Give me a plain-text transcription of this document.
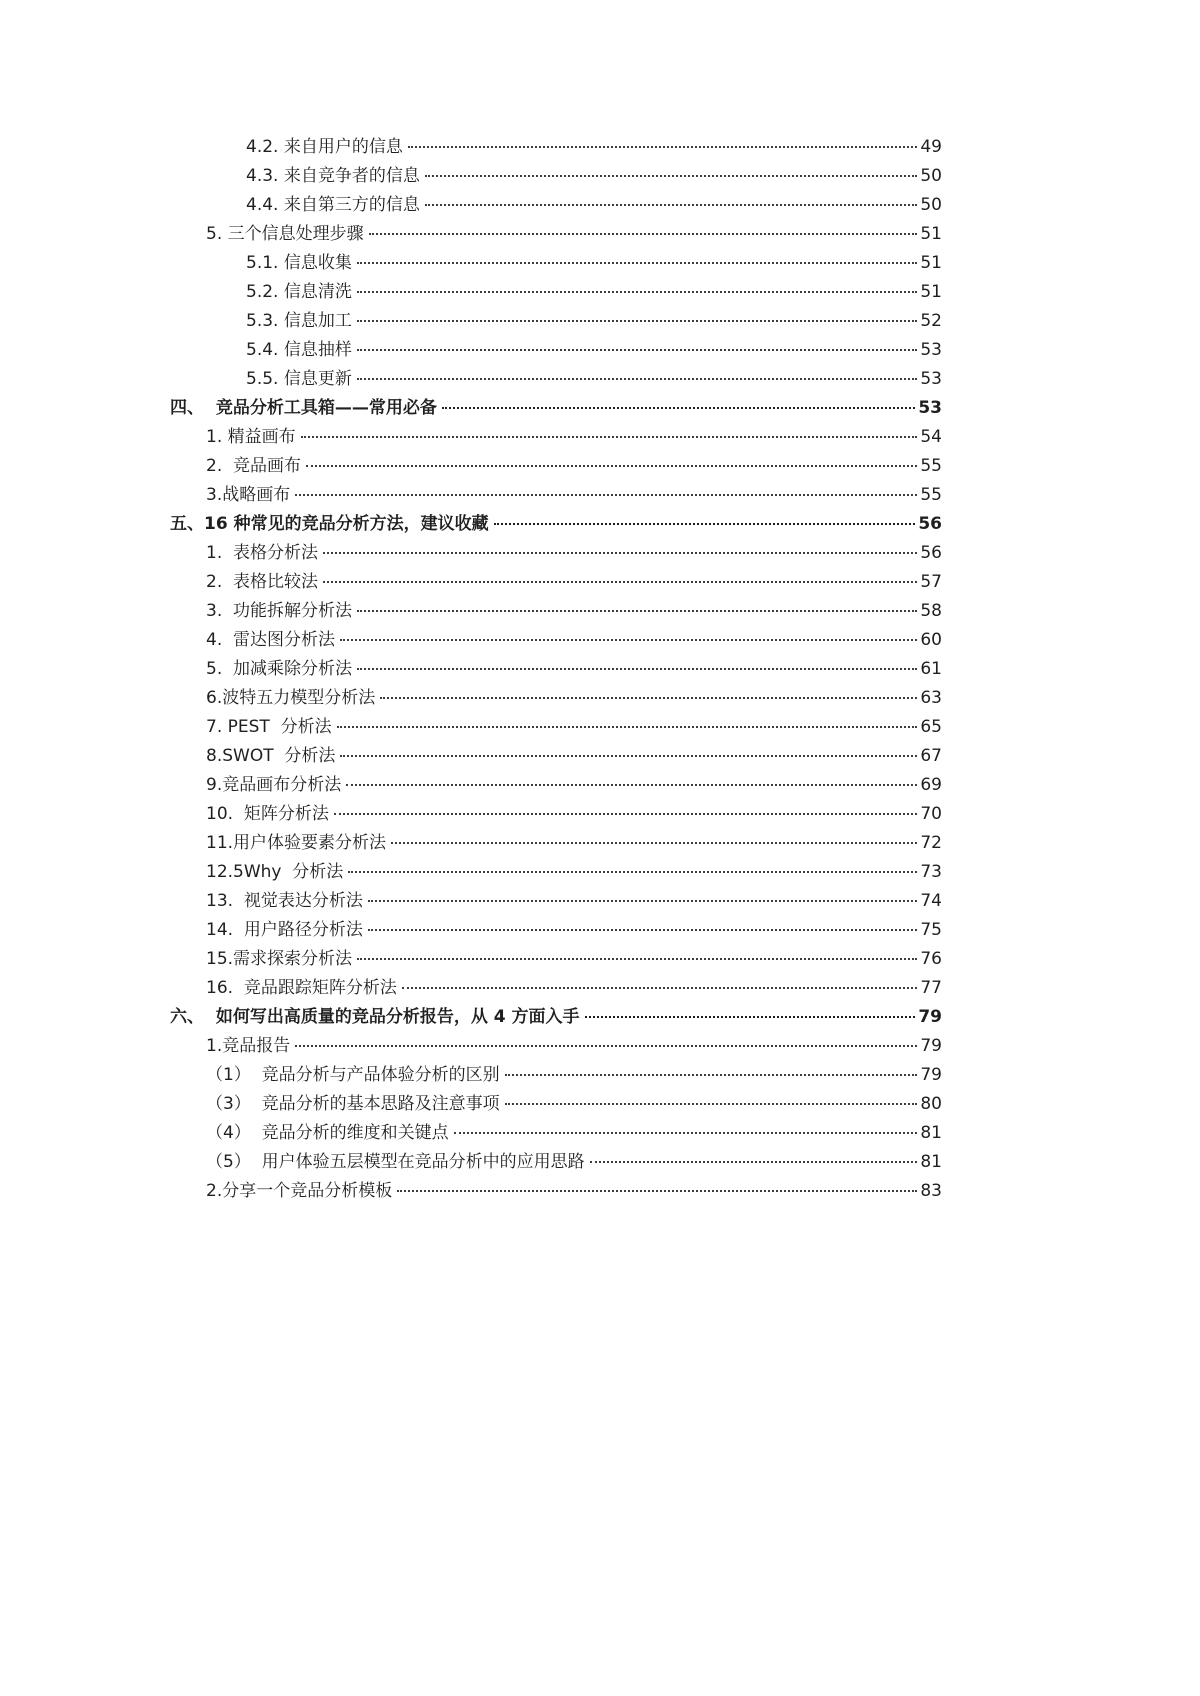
4.2. 来自用户的信息	49
4.3. 来自竞争者的信息	50
4.4. 来自第三方的信息	50
5. 三个信息处理步骤	51
5.1. 信息收集	51
5.2. 信息清洗	51
5.3. 信息加工	52
5.4. 信息抽样	53
5.5. 信息更新	53
四、  竞品分析工具箱——常用必备	53
1. 精益画布	54
2.  竞品画布	55
3.战略画布	55
五、16 种常见的竞品分析方法，建议收藏	56
1.  表格分析法	56
2.  表格比较法	57
3.  功能拆解分析法	58
4.  雷达图分析法	60
5.  加减乘除分析法	61
6.波特五力模型分析法	63
7. PEST  分析法	65
8.SWOT  分析法	67
9.竞品画布分析法	69
10.  矩阵分析法	70
11.用户体验要素分析法	72
12.5Why  分析法	73
13.  视觉表达分析法	74
14.  用户路径分析法	75
15.需求探索分析法	76
16.  竞品跟踪矩阵分析法	77
六、  如何写出高质量的竞品分析报告，从 4 方面入手	79
1.竞品报告	79
（1）  竞品分析与产品体验分析的区别	79
（3）  竞品分析的基本思路及注意事项	80
（4）  竞品分析的维度和关键点	81
（5）  用户体验五层模型在竞品分析中的应用思路	81
2.分享一个竞品分析模板	83
